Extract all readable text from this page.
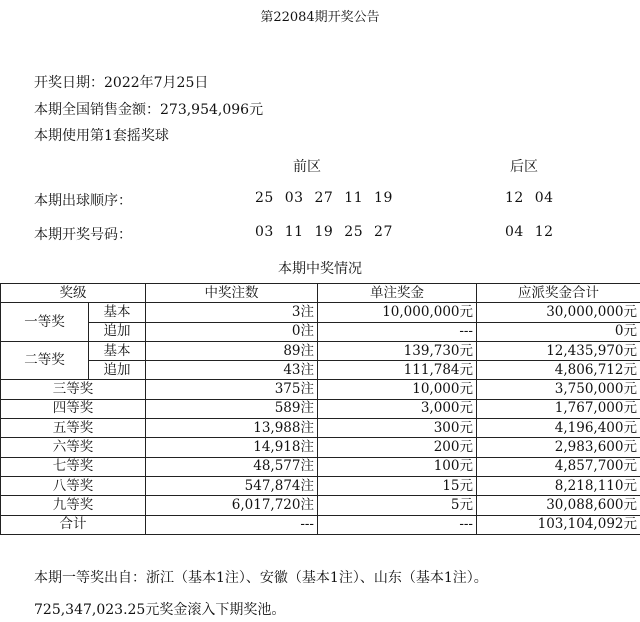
第22084期开奖公告
开奖日期：2022年7月25日
本期全国销售金额：273,954,096元
本期使用第1套摇奖球
前区	后区
本期出球顺序：	25 03 27 11 19	12 04
本期开奖号码：	03 11 19 25 27	04 12
本期中奖情况
奖级		中奖注数	单注奖金	应派奖金合计
一等奖	基本	3注	10,000,000元	30,000,000元
	追加	0注	---	0元
二等奖	基本	89注	139,730元	12,435,970元
	追加	43注	111,784元	4,806,712元
三等奖		375注	10,000元	3,750,000元
四等奖		589注	3,000元	1,767,000元
五等奖		13,988注	300元	4,196,400元
六等奖		14,918注	200元	2,983,600元
七等奖		48,577注	100元	4,857,700元
八等奖		547,874注	15元	8,218,110元
九等奖		6,017,720注	5元	30,088,600元
合计		---	---	103,104,092元
本期一等奖出自：浙江（基本1注）、安徽（基本1注）、山东（基本1注）。
725,347,023.25元奖金滚入下期奖池。
